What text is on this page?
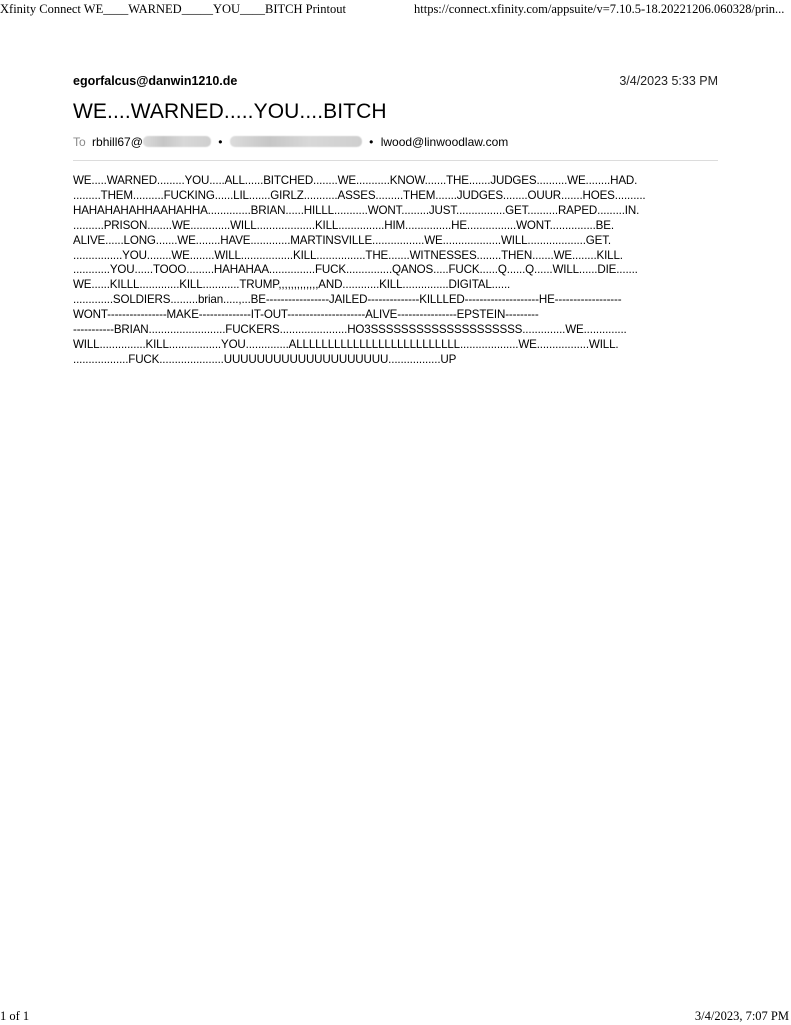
Xfinity Connect WE____WARNED_____YOU____BITCH Printout	https://connect.xfinity.com/appsuite/v=7.10.5-18.20221206.060328/prin...
egorfalcus@danwin1210.de	3/4/2023 5:33 PM
WE....WARNED.....YOU....BITCH
To rbhill67@	•	• lwood@linwoodlaw.com
WE.....WARNED.........YOU.....ALL......BITCHED........WE...........KNOW.......THE.......JUDGES..........WE........HAD.
.........THEM..........FUCKING......LIL.......GIRLZ...........ASSES.........THEM.......JUDGES........OUUR.......HOES..........
HAHAHAHAHHAAHAHHA..............BRIAN......HILLL...........WONT.........JUST................GET..........RAPED.........IN.
..........PRISON........WE.............WILL...................KILL...............HIM...............HE................WONT...............BE.
ALIVE......LONG.......WE........HAVE.............MARTINSVILLE.................WE...................WILL...................GET.
................YOU........WE........WILL.................KILL................THE.......WITNESSES........THEN.......WE........KILL.
............YOU......TOOO.........HAHAHAA...............FUCK...............QANOS.....FUCK......Q......Q......WILL......DIE.......
WE......KILLL.............KILL............TRUMP,,,,,,,,,,,,,AND............KILL...............DIGITAL......
.............SOLDIERS.........brian.....,...BE-----------------JAILED--------------KILLLED--------------------HE------------------
WONT----------------MAKE--------------IT-OUT---------------------ALIVE----------------EPSTEIN---------
-----------BRIAN.........................FUCKERS......................HO3SSSSSSSSSSSSSSSSSSSS..............WE..............
WILL...............KILL.................YOU..............ALLLLLLLLLLLLLLLLLLLLLLLLLL...................WE.................WILL.
..................FUCK.....................UUUUUUUUUUUUUUUUUUUU.................UP
1 of 1	3/4/2023, 7:07 PM
